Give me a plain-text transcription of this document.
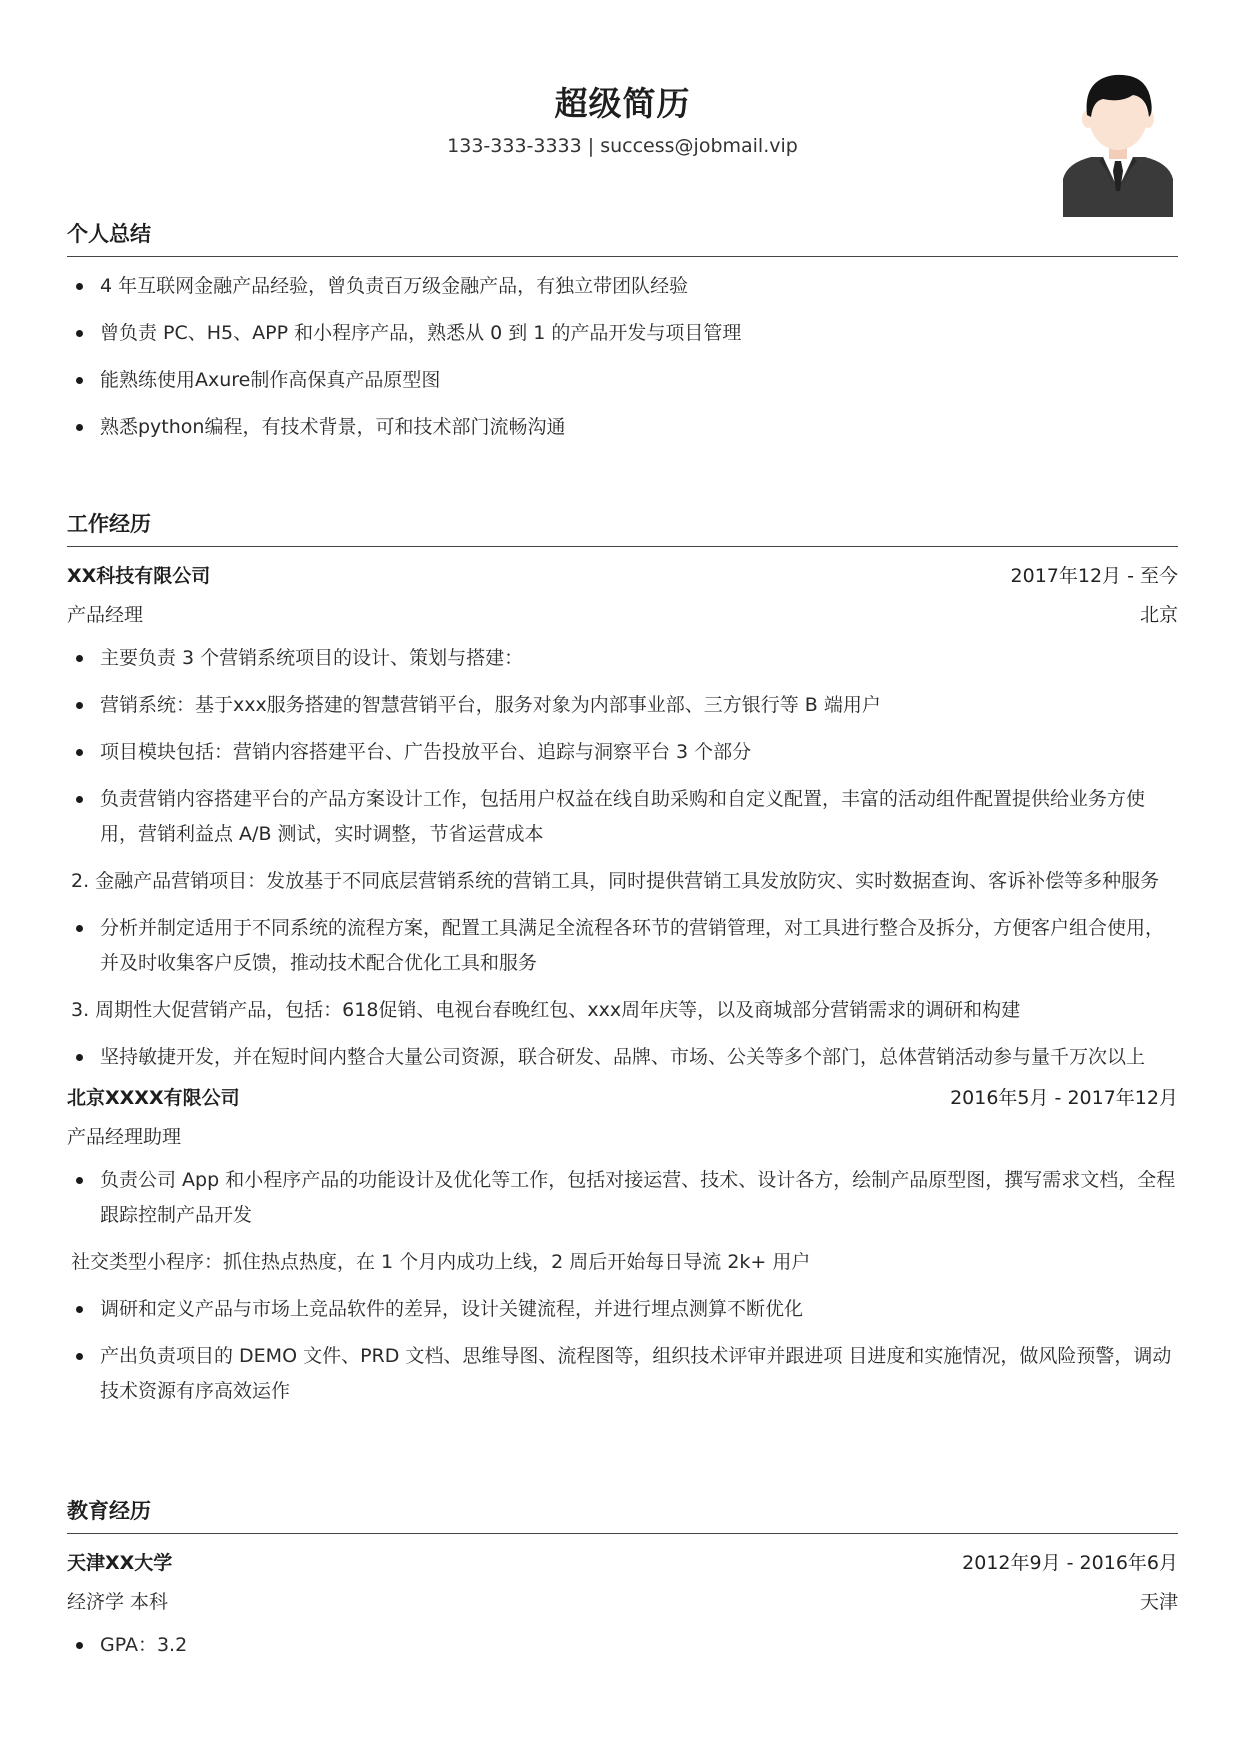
超级简历
133-333-3333 | success@jobmail.vip
个人总结
4 年互联网金融产品经验，曾负责百万级金融产品，有独立带团队经验
曾负责 PC、H5、APP 和小程序产品，熟悉从 0 到 1 的产品开发与项目管理
能熟练使用Axure制作高保真产品原型图
熟悉python编程，有技术背景，可和技术部门流畅沟通
工作经历
XX科技有限公司	2017年12月 - 至今
产品经理	北京
主要负责 3 个营销系统项目的设计、策划与搭建：
营销系统：基于xxx服务搭建的智慧营销平台，服务对象为内部事业部、三方银行等 B 端用户
项目模块包括：营销内容搭建平台、广告投放平台、追踪与洞察平台 3 个部分
负责营销内容搭建平台的产品方案设计工作，包括用户权益在线自助采购和自定义配置，丰富的活动组件配置提供给业务方使用，营销利益点 A/B 测试，实时调整，节省运营成本
2. 金融产品营销项目：发放基于不同底层营销系统的营销工具，同时提供营销工具发放防灾、实时数据查询、客诉补偿等多种服务
分析并制定适用于不同系统的流程方案，配置工具满足全流程各环节的营销管理，对工具进行整合及拆分，方便客户组合使用，并及时收集客户反馈，推动技术配合优化工具和服务
3. 周期性大促营销产品，包括：618促销、电视台春晚红包、xxx周年庆等，以及商城部分营销需求的调研和构建
坚持敏捷开发，并在短时间内整合大量公司资源，联合研发、品牌、市场、公关等多个部门，总体营销活动参与量千万次以上
北京XXXX有限公司	2016年5月 - 2017年12月
产品经理助理
负责公司 App 和小程序产品的功能设计及优化等工作，包括对接运营、技术、设计各方，绘制产品原型图，撰写需求文档，全程跟踪控制产品开发
社交类型小程序：抓住热点热度，在 1 个月内成功上线，2 周后开始每日导流 2k+ 用户
调研和定义产品与市场上竞品软件的差异，设计关键流程，并进行埋点测算不断优化
产出负责项目的 DEMO 文件、PRD 文档、思维导图、流程图等，组织技术评审并跟进项 目进度和实施情况，做风险预警，调动技术资源有序高效运作
教育经历
天津XX大学	2012年9月 - 2016年6月
经济学 本科	天津
GPA：3.2
